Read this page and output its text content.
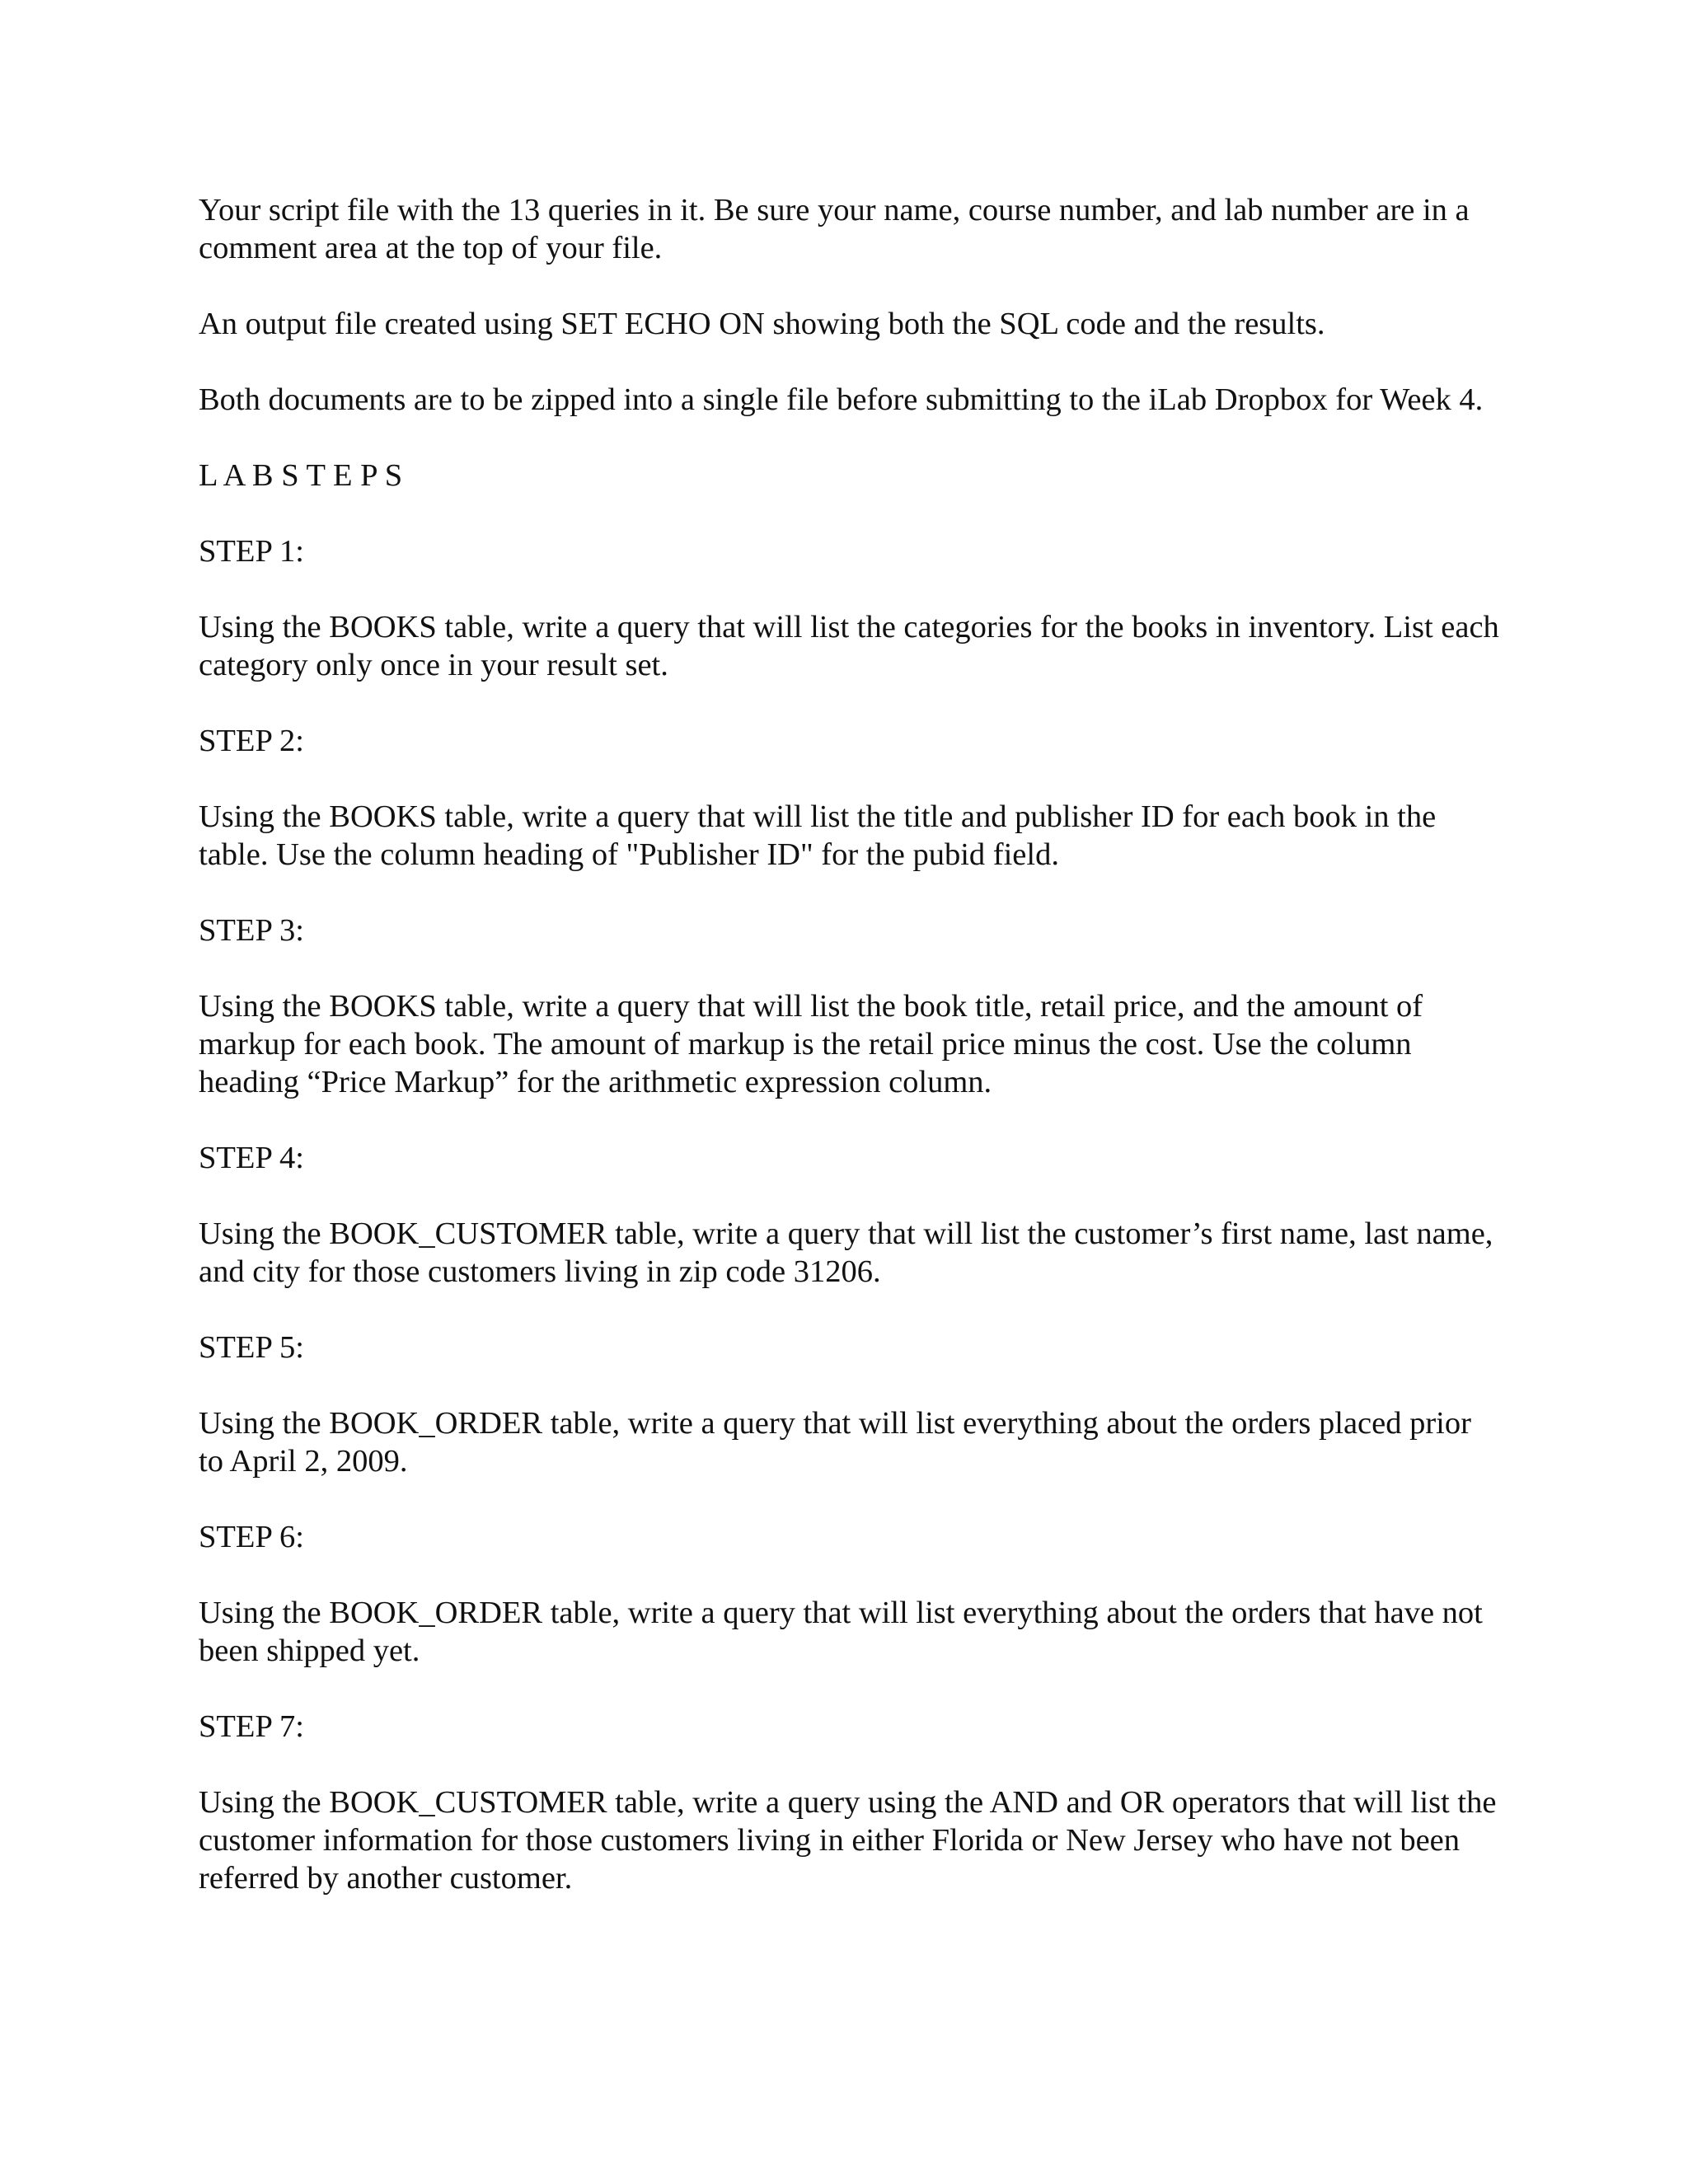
Your script file with the 13 queries in it. Be sure your name, course number, and lab number are in a comment area at the top of your file.

An output file created using SET ECHO ON showing both the SQL code and the results.

Both documents are to be zipped into a single file before submitting to the iLab Dropbox for Week 4.

L A B S T E P S

STEP 1:

Using the BOOKS table, write a query that will list the categories for the books in inventory. List each category only once in your result set.

STEP 2:

Using the BOOKS table, write a query that will list the title and publisher ID for each book in the table. Use the column heading of "Publisher ID" for the pubid field.

STEP 3:

Using the BOOKS table, write a query that will list the book title, retail price, and the amount of markup for each book. The amount of markup is the retail price minus the cost. Use the column heading “Price Markup” for the arithmetic expression column.

STEP 4:

Using the BOOK_CUSTOMER table, write a query that will list the customer’s first name, last name, and city for those customers living in zip code 31206.

STEP 5:

Using the BOOK_ORDER table, write a query that will list everything about the orders placed prior to April 2, 2009.

STEP 6:

Using the BOOK_ORDER table, write a query that will list everything about the orders that have not been shipped yet.

STEP 7:

Using the BOOK_CUSTOMER table, write a query using the AND and OR operators that will list the customer information for those customers living in either Florida or New Jersey who have not been referred by another customer.
